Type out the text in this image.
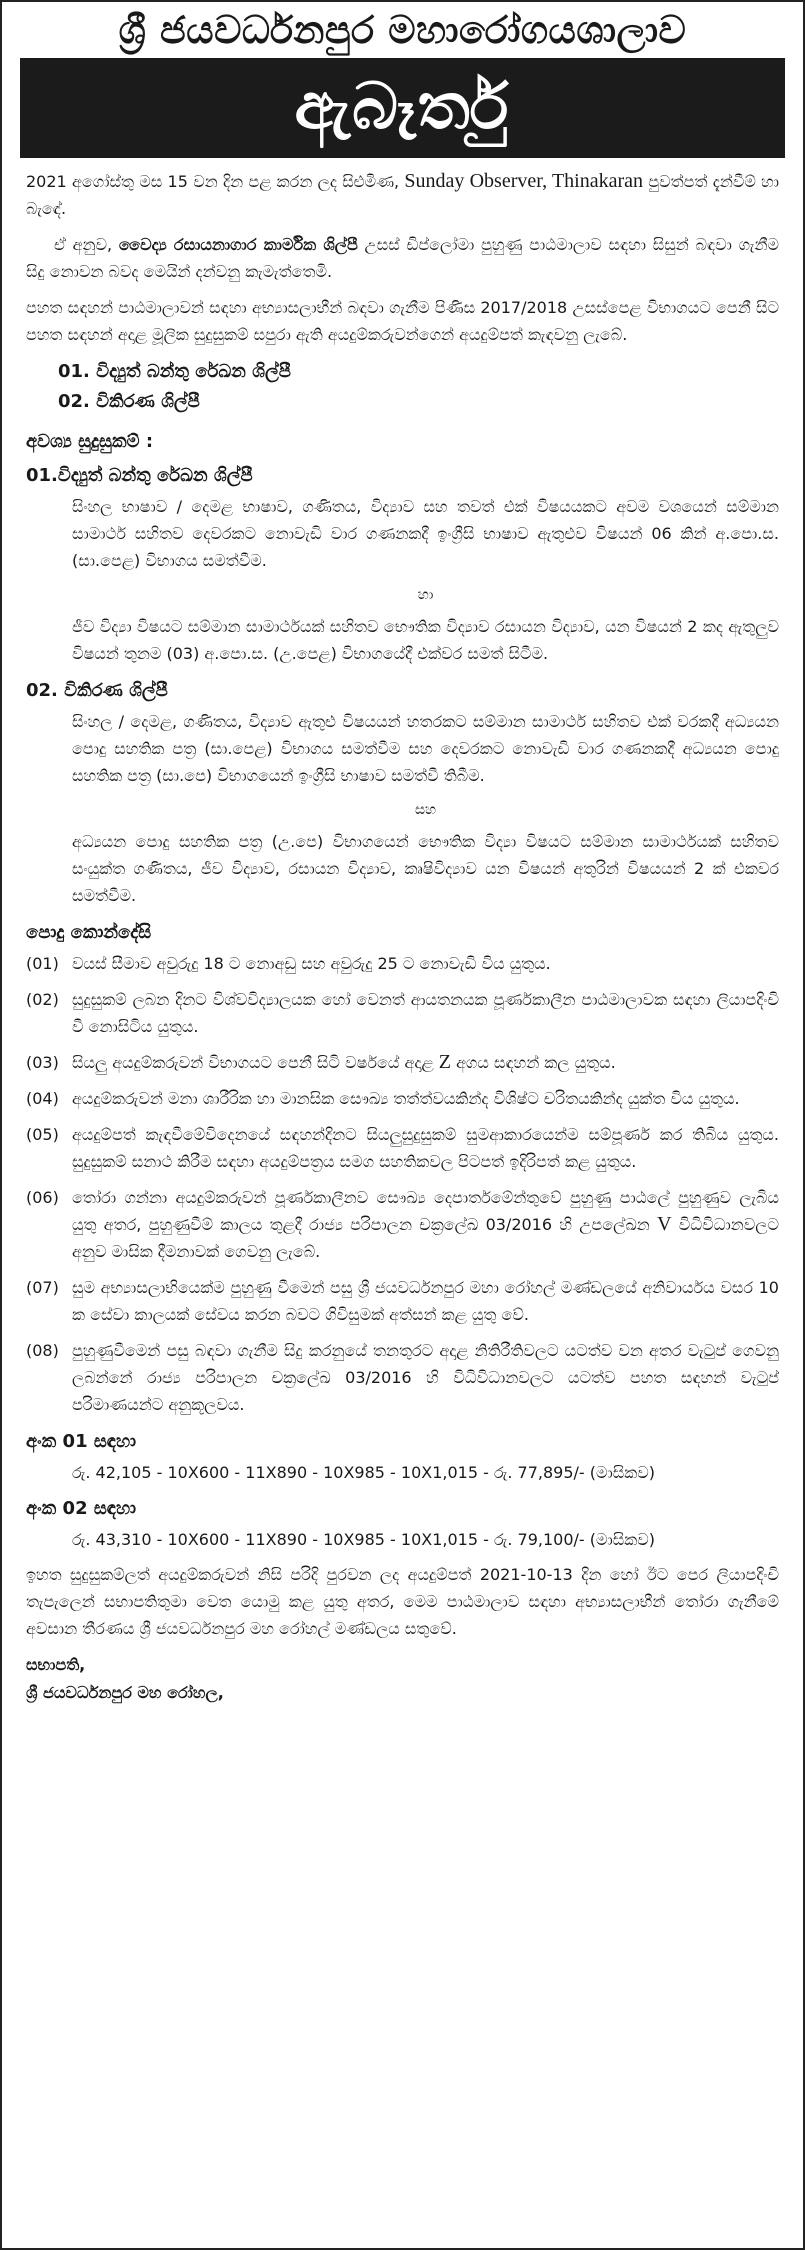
ශ්‍රී ජයවර්ධනපුර මහාරෝගයශාලාව
ඇබෑර්තු

2021 අගෝස්තු මස 15 වන දින පළ කරන ලද සිළුමිණ, Sunday Observer, Thinakaran පුවත්පත් දැන්වීම් හා බැඳේ.

ඒ අනුව, වෛද්‍ය රසායනාගාර කාර්මික ශිල්පී උසස් ඩිප්ලෝමා පුහුණු පාඨමාලාව සඳහා සිසුන් බඳවා ගැනීම සිදු නොවන බවද මෙයින් දන්වනු කැමැත්තෙමි.

පහත සඳහන් පාඨමාලාවන් සඳහා අභ්‍යාසලාභීන් බඳවා ගැනීම පිණිස 2017/2018 උසස්පෙළ විභාගයට පෙනී සිට පහත සඳහන් අදාළ මූලික සුදුසුකම් සපුරා ඇති අයදුම්කරුවන්ගෙන් අයදුම්පත් කැඳවනු ලැබේ.

01. විද්‍යුත් බන්තු රේඛන ශිල්පී
02. විකිරණ ශිල්පී
අවශ්‍ය සුදුසුකම් :
01.විද්‍යුත් බන්තු රේඛන ශිල්පී

සිංහල භාෂාව / දෙමළ භාෂාව, ගණිතය, විද්‍යාව සහ තවත් එක් විෂයයකට අවම වශයෙන් සම්මාන සාමාර්ථ සහිතව දෙවරකට නොවැඩි වාර ගණනකදී ඉංග්‍රීසි භාෂාව ඇතුළුව විෂයන් 06 කින් අ.පො.ස. (සා.පෙළ) විභාගය සමත්වීම.

හා

ජීව විද්‍යා විෂයට සම්මාන සාමාර්ථයක් සහිතව භෞතික විද්‍යාව රසායන විද්‍යාව, යන විෂයන් 2 කද ඇතුලුව විෂයන් තුනම (03) අ.පො.ස. (උ.පෙළ) විභාගයේදී එක්වර සමත් සිටීම.

02. විකිරණ ශිල්පී

සිංහල / දෙමළ, ගණිතය, විද්‍යාව ඇතුළු විෂයයන් හතරකට සම්මාන සාමාර්ථ සහිතව එක් වරකදී අධ්‍යයන පොදු සහතික පත්‍ර (සා.පෙළ) විභාගය සමත්වීම සහ දෙවරකට නොවැඩි වාර ගණනකදී අධ්‍යයන පොදු සහතික පත්‍ර (සා.පෙ) විභාගයෙන් ඉංග්‍රීසි භාෂාව සමත්වී තිබීම.

සහ

අධ්‍යයන පොදු සහතික පත්‍ර (උ.පෙ) විභාගයෙන් භෞතික විද්‍යා විෂයට සම්මාන සාමාර්ථයක් සහිතව සංයුක්ත ගණිතය, ජීව විද්‍යාව, රසායන විද්‍යාව, කෘෂිවිද්‍යාව යන විෂයන් අතුරින් විෂයයන් 2 ක් එකවර සමත්වීම.

පොදු කොන්දේසි
(01) වයස් සීමාව අවුරුදු 18 ට නොඅඩු සහ අවුරුදු 25 ට නොවැඩි විය යුතුය.
(02) සුදුසුකම් ලබන දිනට විශ්වවිද්‍යාලයක හෝ වෙනත් ආයතනයක පූර්ණකාලීන පාඨමාලාවක සඳහා ලියාපදිංචි වී නොසිටිය යුතුය.
(03) සියලු අයදුම්කරුවන් විභාගයට පෙනී සිටි වර්ෂයේ අදාළ Z අගය සඳහන් කල යුතුය.
(04) අයදුම්කරුවන් මනා ශාරීරික හා මානසික සෞඛ්‍ය තත්ත්වයකින්ද විශිෂ්ට චරිතයකින්ද යුක්ත විය යුතුය.
(05) අයදුම්පත් කැඳවීමේවිදෙනයේ සඳහන්දිනට සියලුසුදුසුකම් සුමආකාරයෙන්ම සම්පූර්ණ කර තිබිය යුතුය. සුදුසුකම් සනාථ කිරීම සඳහා අයදුම්පත්‍රය සමග සහතිකවල පිටපත් ඉදිරිපත් කළ යුතුය.
(06) තෝරා ගන්නා අයදුම්කරුවන් පූර්ණකාලීනව සෞඛ්‍ය දෙපාර්තමේන්තුවේ පුහුණු පාඨලේ පුහුණුව ලැබිය යුතු අතර, පුහුණුවීම් කාලය තුළදී රාජ්‍ය පරිපාලන චක්‍රලේඛ 03/2016 හි උපලේඛන V විධිවිධානවලට අනුව මාසික දීමනාවක් ගෙවනු ලැබේ.
(07) සුම අභ්‍යාසලාභියෙක්ම පුහුණු වීමෙන් පසු ශ්‍රී ජයවර්ධනපුර මහා රෝහල් මණ්ඩලයේ අනිවාර්යය වසර 10 ක සේවා කාලයක් සේවය කරන බවට ගිවිසුමක් අත්සන් කළ යුතු වේ.
(08) පුහුණුවීමෙන් පසු බඳවා ගැනීම සිදු කරනුයේ තනතුරට අදාළ නිතිරීතිවලට යටත්ව වන අතර වැටුප් ගෙවනු ලබන්නේ රාජ්‍ය පරිපාලන චක්‍රලේඛ 03/2016 හි විධිවිධානවලට යටත්ව පහත සඳහන් වැටුප් පරිමාණයන්ට අනුකූලවය.
අංක 01 සඳහා

රු. 42,105 - 10X600 - 11X890 - 10X985 - 10X1,015 - රු. 77,895/- (මාසිකව)

අංක 02 සඳහා

රු. 43,310 - 10X600 - 11X890 - 10X985 - 10X1,015 - රු. 79,100/- (මාසිකව)

ඉහත සුදුසුකම්ලත් අයදුම්කරුවන් නිසි පරිදි පුරවන ලද අයදුම්පත් 2021-10-13 දින හෝ ඊට පෙර ලියාපදිංචි තැපැලෙන් සභාපතිතුමා වෙත යොමු කළ යුතු අතර, මෙම පාඨමාලාව සඳහා අභ්‍යාසලාභීන් තෝරා ගැනීමේ අවසාන තීරණය ශ්‍රී ජයවර්ධනපුර මහ රෝහල් මණ්ඩලය සතුවේ.

සභාපති,
ශ්‍රී ජයවර්ධනපුර මහ රෝහල,
